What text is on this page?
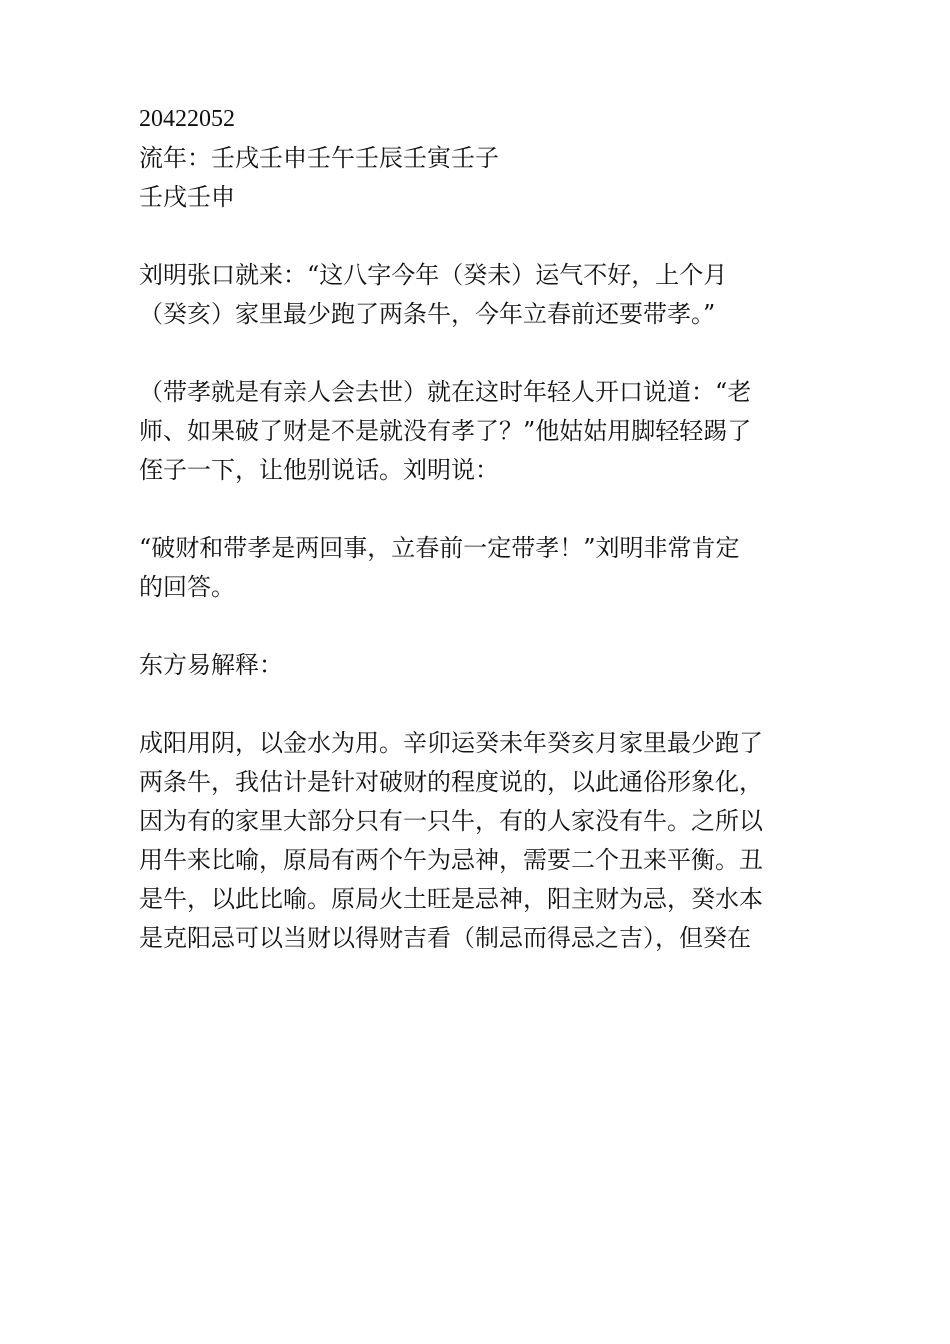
20422052
流年：壬戌壬申壬午壬辰壬寅壬子
壬戌壬申
刘明张口就来：“这八字今年（癸未）运气不好，上个月
（癸亥）家里最少跑了两条牛，今年立春前还要带孝。”
（带孝就是有亲人会去世）就在这时年轻人开口说道：“老
师、如果破了财是不是就没有孝了？”他姑姑用脚轻轻踢了
侄子一下，让他别说话。刘明说：
“破财和带孝是两回事，立春前一定带孝！”刘明非常肯定
的回答。
东方易解释：
成阳用阴，以金水为用。辛卯运癸未年癸亥月家里最少跑了
两条牛，我估计是针对破财的程度说的，以此通俗形象化，
因为有的家里大部分只有一只牛，有的人家没有牛。之所以
用牛来比喻，原局有两个午为忌神，需要二个丑来平衡。丑
是牛，以此比喻。原局火土旺是忌神，阳主财为忌，癸水本
是克阳忌可以当财以得财吉看（制忌而得忌之吉），但癸在
